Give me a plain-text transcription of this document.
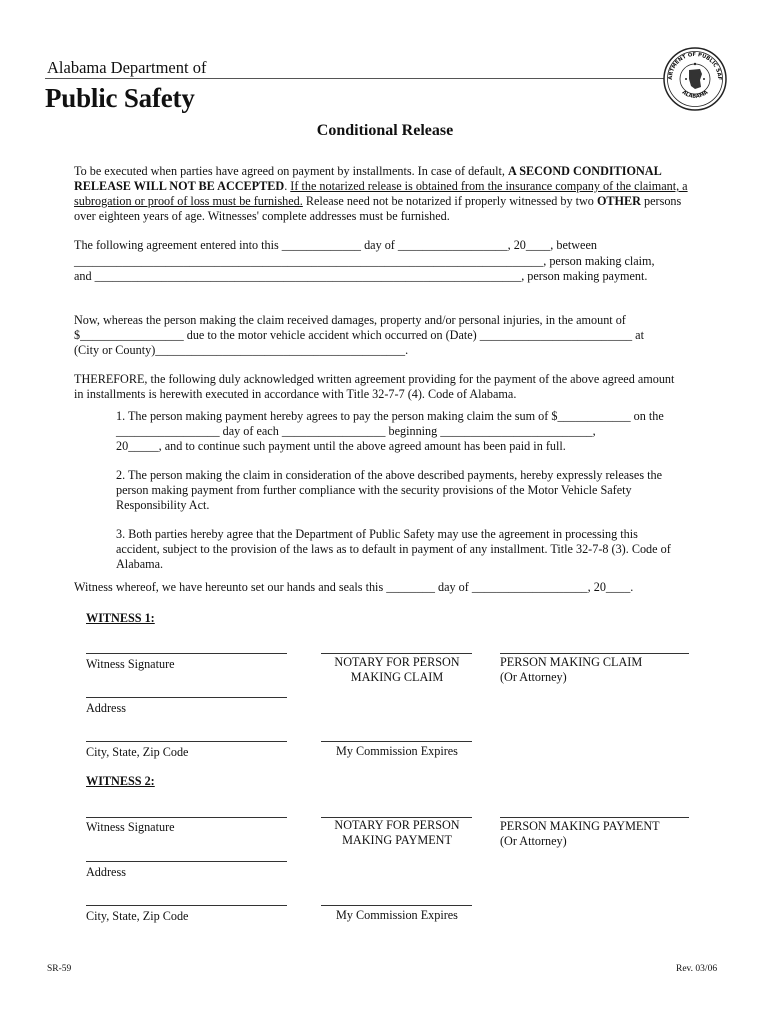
Alabama Department of
Public Safety
ARTMENT OF PUBLIC SAF
ALABAMA
Conditional Release
To be executed when parties have agreed on payment by installments. In case of default, A SECOND CONDITIONAL RELEASE WILL NOT BE ACCEPTED. If the notarized release is obtained from the insurance company of the claimant, a subrogation or proof of loss must be furnished. Release need not be notarized if properly witnessed by two OTHER persons over eighteen years of age. Witnesses' complete addresses must be furnished.
The following agreement entered into this _____________ day of __________________, 20____, between
_____________________________________________________________________________, person making claim,
and ______________________________________________________________________, person making payment.
Now, whereas the person making the claim received damages, property and/or personal injuries, in the amount of
$_________________ due to the motor vehicle accident which occurred on (Date) _________________________ at
(City or County)_________________________________________.
THEREFORE, the following duly acknowledged written agreement providing for the payment of the above agreed amount
in installments is herewith executed in accordance with Title 32-7-7 (4). Code of Alabama.
1. The person making payment hereby agrees to pay the person making claim the sum of $____________ on the
_________________ day of each _________________ beginning _________________________,
20_____, and to continue such payment until the above agreed amount has been paid in full.
2. The person making the claim in consideration of the above described payments, hereby expressly releases the
person making payment from further compliance with the security provisions of the Motor Vehicle Safety
Responsibility Act.
3. Both parties hereby agree that the Department of Public Safety may use the agreement in processing this
accident, subject to the provision of the laws as to default in payment of any installment. Title 32-7-8 (3). Code of
Alabama.
Witness whereof, we have hereunto set our hands and seals this ________ day of ___________________, 20____.
WITNESS 1:
Witness Signature	NOTARY FOR PERSON
MAKING CLAIM
PERSON MAKING CLAIM
(Or Attorney)
Address
City, State, Zip Code	My Commission Expires
WITNESS 2:
Witness Signature	NOTARY FOR PERSON
MAKING PAYMENT
PERSON MAKING PAYMENT
(Or Attorney)
Address
City, State, Zip Code	My Commission Expires
SR-59	Rev. 03/06
